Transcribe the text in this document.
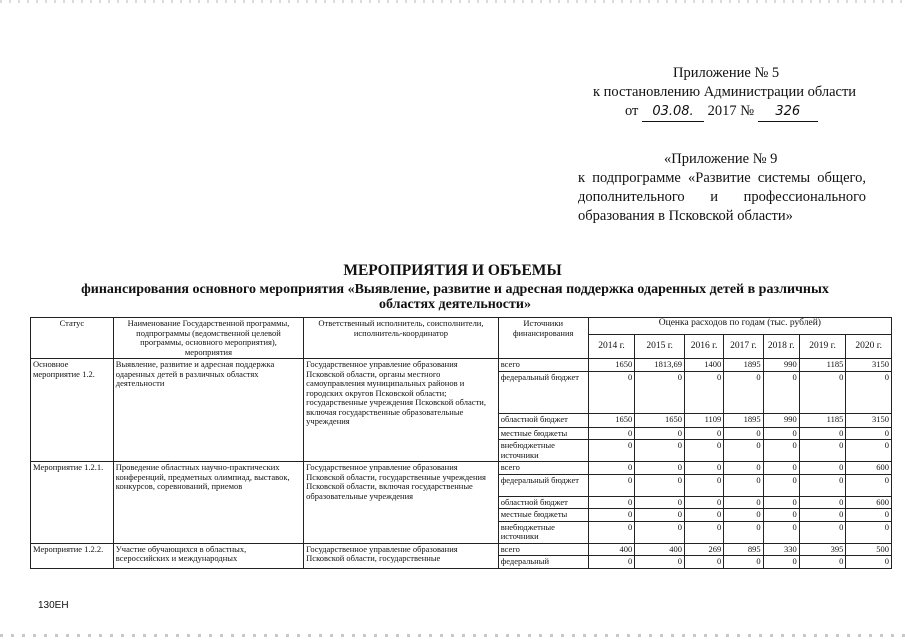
Приложение № 5
к постановлению Администрации области
от 03.08. 2017 № 326
«Приложение № 9
к подпрограмме «Развитие системы общего, дополнительного и профессионального образования в Псковской области»
МЕРОПРИЯТИЯ И ОБЪЕМЫ
финансирования основного мероприятия «Выявление, развитие и адресная поддержка одаренных детей в различных областях деятельности»
Статус	Наименование Государственной программы, подпрограммы (ведомственной целевой программы, основного мероприятия), мероприятия	Ответственный исполнитель, соисполнители, исполнитель-координатор	Источники финансирования	Оценка расходов по годам (тыс. рублей)						
				2014 г.	2015 г.	2016 г.	2017 г.	2018 г.	2019 г.	2020 г.
Основное мероприятие 1.2.	Выявление, развитие и адресная поддержка одаренных детей в различных областях деятельности	Государственное управление образования Псковской области, органы местного самоуправления муниципальных районов и городских округов Псковской области; государственные учреждения Псковской области, включая государственные образовательные учреждения	всего	1650	1813,69	1400	1895	990	1185	3150
			федеральный бюджет	0	0	0	0	0	0	0
			областной бюджет	1650	1650	1109	1895	990	1185	3150
			местные бюджеты	0	0	0	0	0	0	0
			внебюджетные источники	0	0	0	0	0	0	0
Мероприятие 1.2.1.	Проведение областных научно-практических конференций, предметных олимпиад, выставок, конкурсов, соревнований, приемов	Государственное управление образования Псковской области, государственные учреждения Псковской области, включая государственные образовательные учреждения	всего	0	0	0	0	0	0	600
			федеральный бюджет	0	0	0	0	0	0	0
			областной бюджет	0	0	0	0	0	0	600
			местные бюджеты	0	0	0	0	0	0	0
			внебюджетные источники	0	0	0	0	0	0	0
Мероприятие 1.2.2.	Участие обучающихся в областных, всероссийских и международных	Государственное управление образования Псковской области, государственные	всего	400	400	269	895	330	395	500
			федеральный	0	0	0	0	0	0	0
130ЕН
